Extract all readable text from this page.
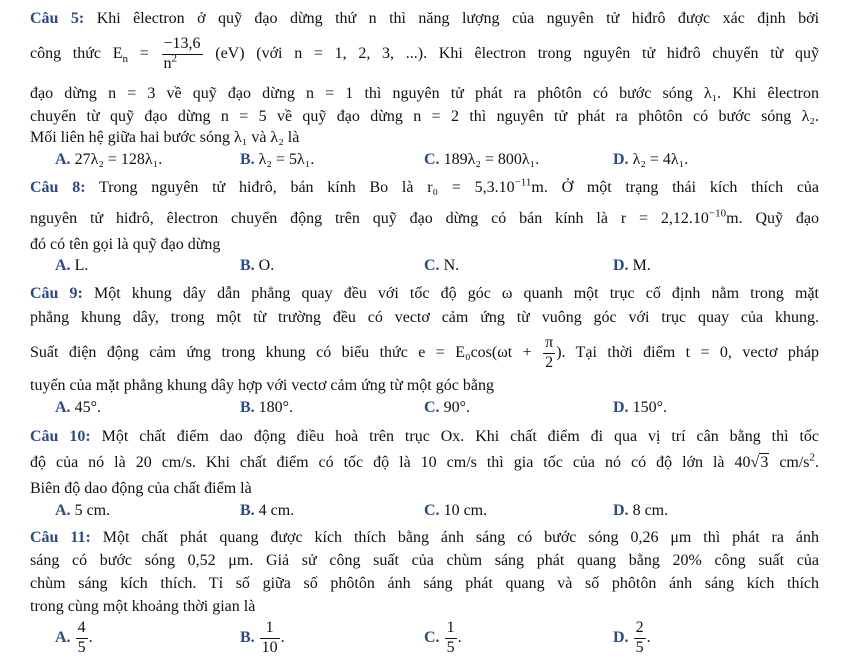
Câu 5: Khi êlectron ở quỹ đạo dừng thứ n thì năng lượng của nguyên tử hiđrô được xác định bởi
công thức $E_n = \frac{-13,6}{n^2} (eV)$ (với n = 1, 2, 3, ...). Khi êlectron trong nguyên tử hiđrô chuyển từ quỹ
đạo dừng n = 3 về quỹ đạo dừng n = 1 thì nguyên tử phát ra phôtôn có bước sóng λ₁. Khi êlectron
chuyển từ quỹ đạo dừng n = 5 về quỹ đạo dừng n = 2 thì nguyên tử phát ra phôtôn có bước sóng λ₂.
Mối liên hệ giữa hai bước sóng λ₁ và λ₂ là
A. 27λ₂ = 128λ₁.	B. λ₂ = 5λ₁.	C. 189λ₂ = 800λ₁.	D. λ₂ = 4λ₁.
Câu 8: Trong nguyên tử hiđrô, bán kính Bo là $r_0 = 5,3.10^{-11}m$. Ở một trạng thái kích thích của
nguyên tử hiđrô, êlectron chuyển động trên quỹ đạo dừng có bán kính là $r = 2,12.10^{-10}m$. Quỹ đạo
đó có tên gọi là quỹ đạo dừng
A. L.	B. O.	C. N.	D. M.
Câu 9: Một khung dây dẫn phẳng quay đều với tốc độ góc ω quanh một trục cố định nằm trong mặt
phẳng khung dây, trong một từ trường đều có vectơ cảm ứng từ vuông góc với trục quay của khung.
Suất điện động cảm ứng trong khung có biểu thức $e = E_0\cos(\omega t + \frac{\pi}{2}$ ). Tại thời điểm t = 0, vectơ pháp
tuyến của mặt phẳng khung dây hợp với vectơ cảm ứng từ một góc bằng
A. 45°.	B. 180°.	C. 90°.	D. 150°.
Câu 10: Một chất điểm dao động điều hoà trên trục Ox. Khi chất điểm đi qua vị trí cân bằng thì tốc
độ của nó là 20 cm/s. Khi chất điểm có tốc độ là 10 cm/s thì gia tốc của nó có độ lớn là 40√3 $cm/s^2$.
Biên độ dao động của chất điểm là
A. 5 cm.	B. 4 cm.	C. 10 cm.	D. 8 cm.
Câu 11: Một chất phát quang được kích thích bằng ánh sáng có bước sóng 0,26 μm thì phát ra ánh
sáng có bước sóng 0,52 μm. Giả sử công suất của chùm sáng phát quang bằng 20% công suất của
chùm sáng kích thích. Tỉ số giữa số phôtôn ánh sáng phát quang và số phôtôn ánh sáng kích thích
trong cùng một khoảng thời gian là
A. $\frac{4}{5}$ .	B. $\frac{1}{10}$ .	C. $\frac{1}{5}$ .	D. $\frac{2}{5}$ .
